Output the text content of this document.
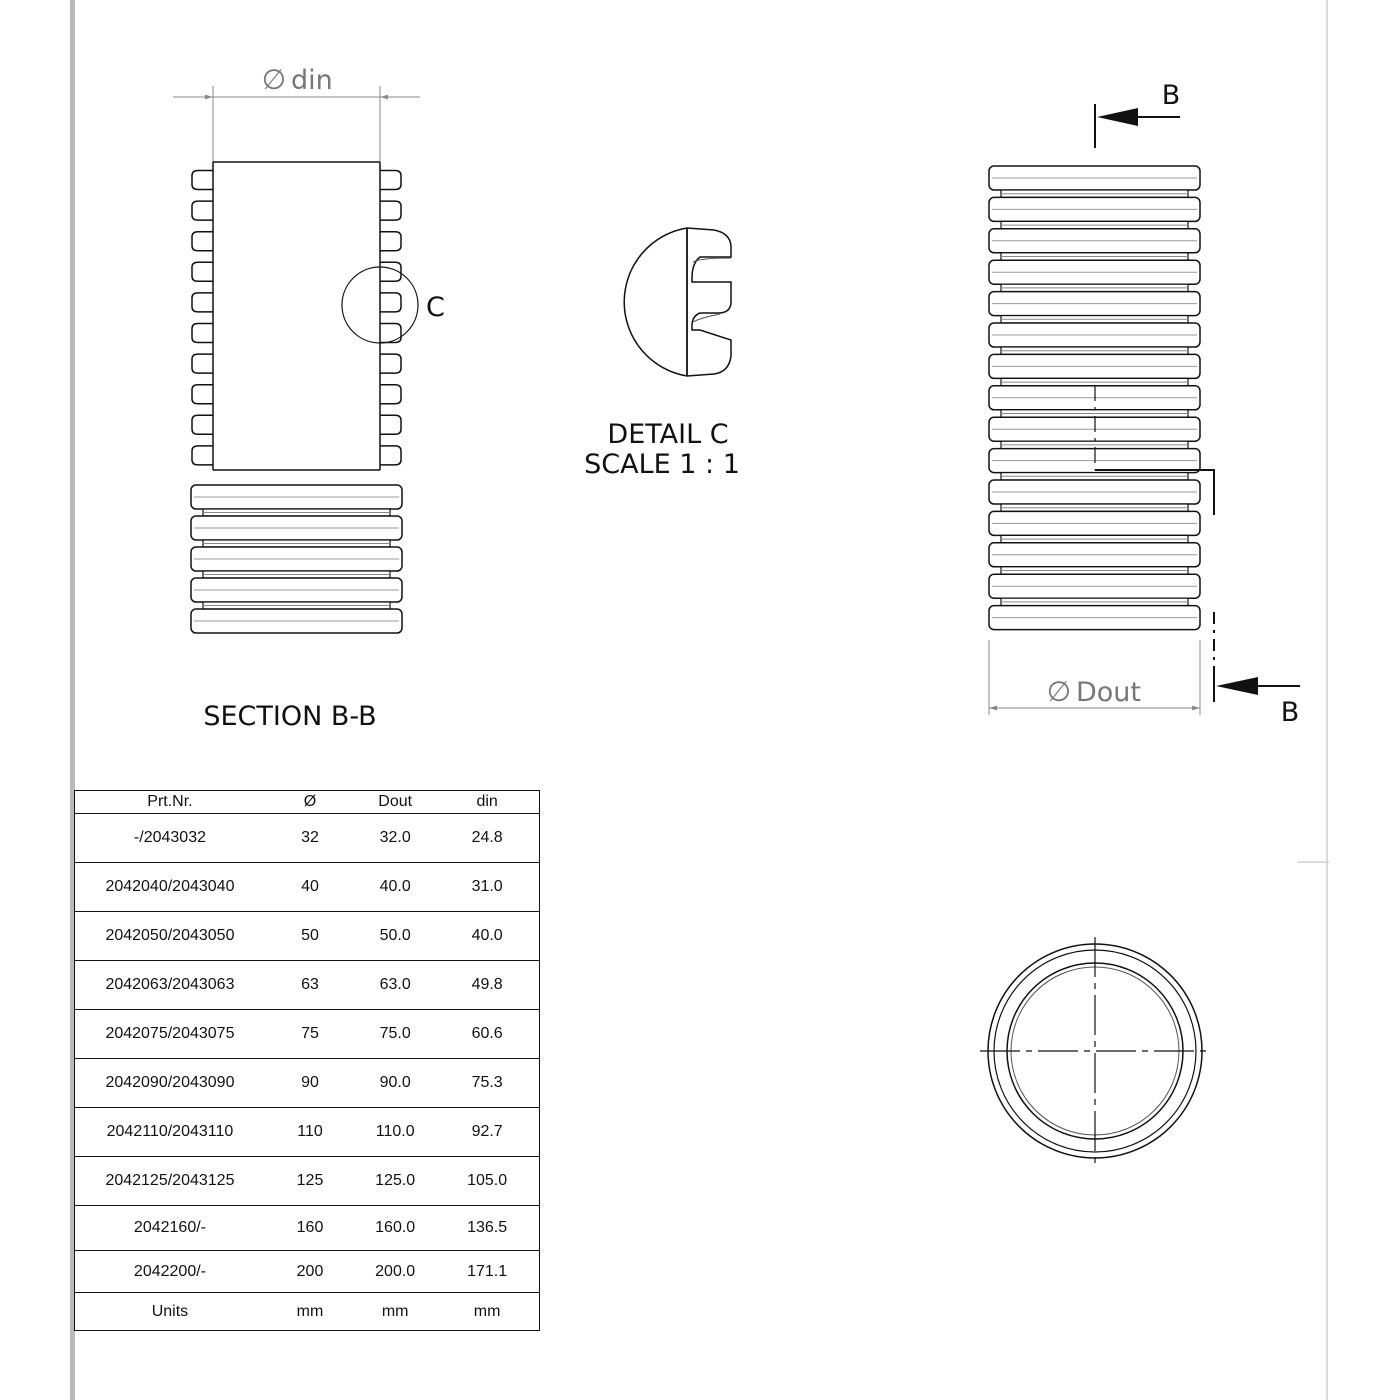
∅ din
C
SECTION B-B
DETAIL C
SCALE 1 : 1
B
B
∅ Dout
Prt.Nr.	Ø	Dout	din
-/2043032	32	32.0	24.8
2042040/2043040	40	40.0	31.0
2042050/2043050	50	50.0	40.0
2042063/2043063	63	63.0	49.8
2042075/2043075	75	75.0	60.6
2042090/2043090	90	90.0	75.3
2042110/2043110	110	110.0	92.7
2042125/2043125	125	125.0	105.0
2042160/-	160	160.0	136.5
2042200/-	200	200.0	171.1
Units	mm	mm	mm
